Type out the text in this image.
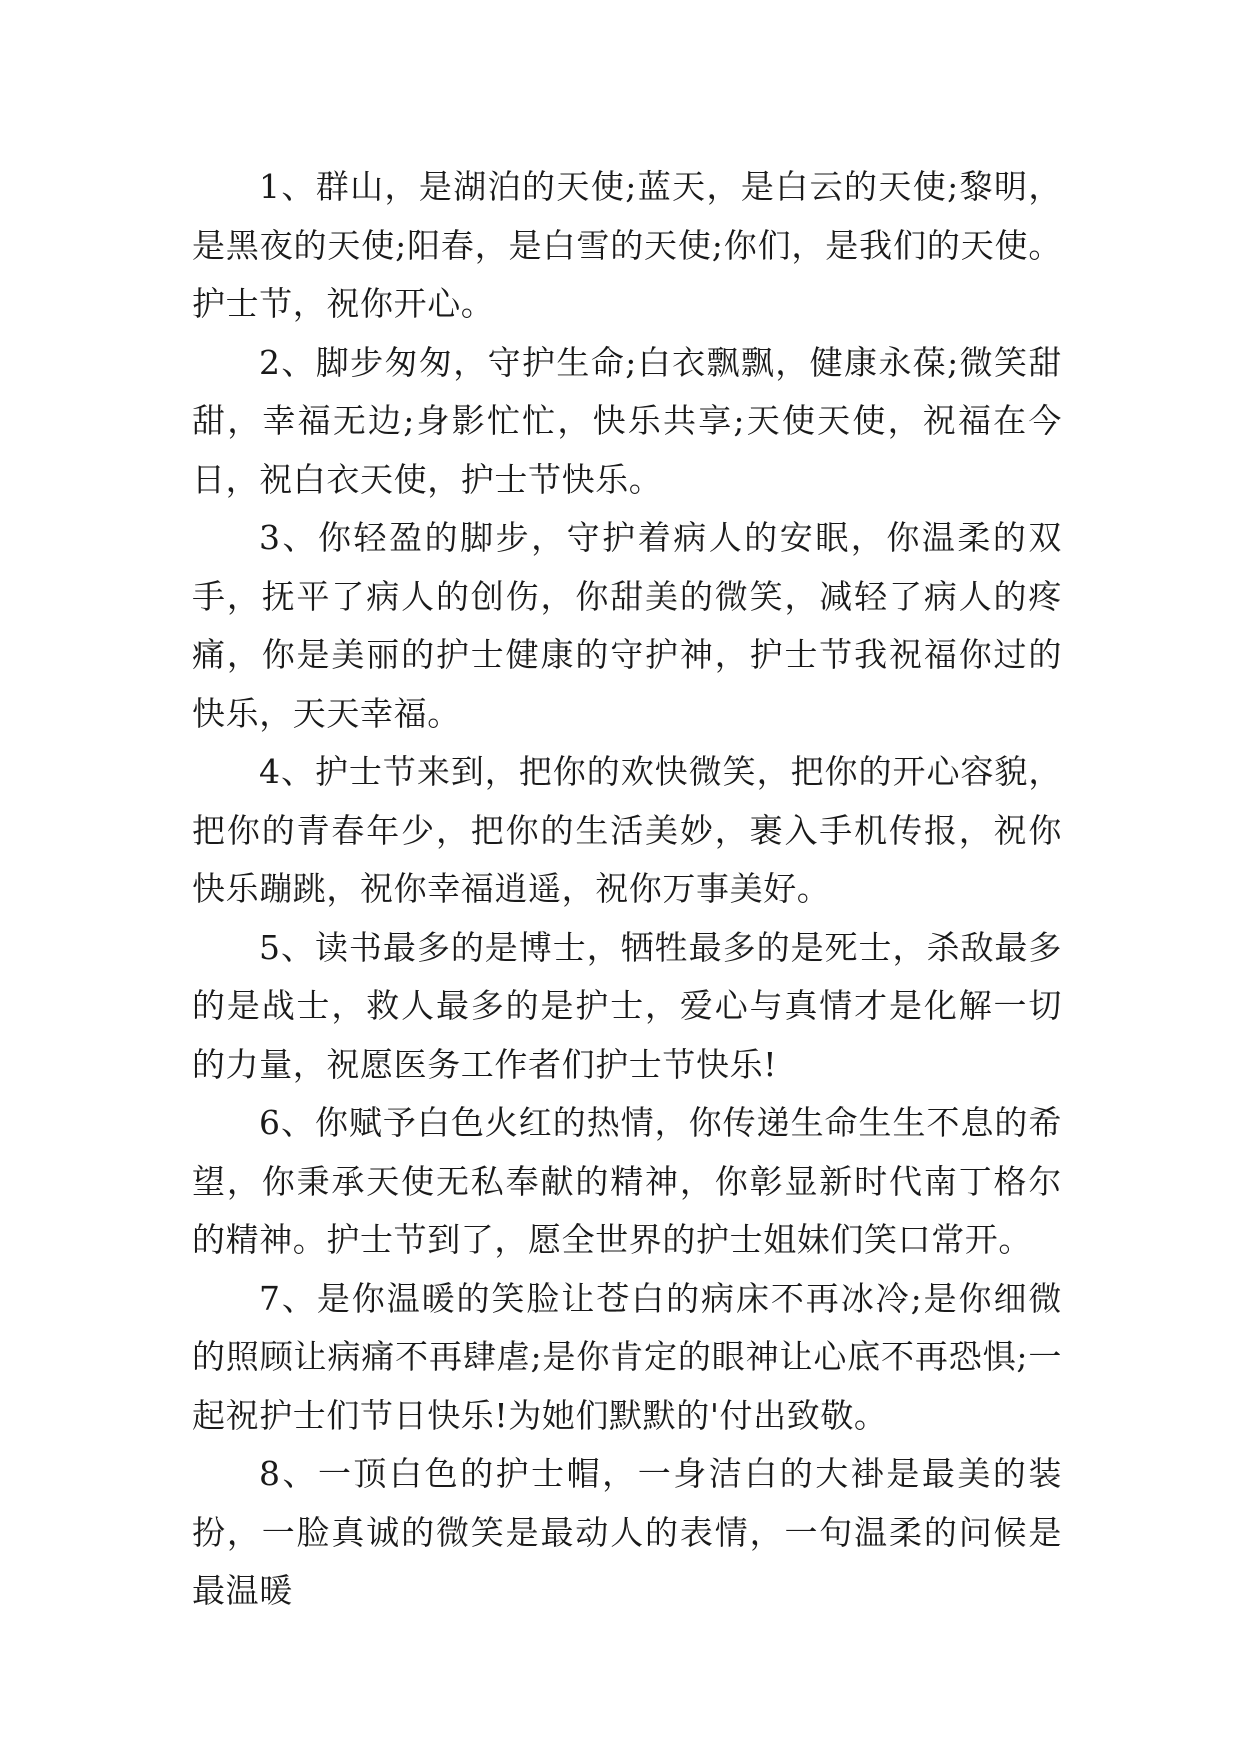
1、群山，是湖泊的天使;蓝天，是白云的天使;黎明，是黑夜的天使;阳春，是白雪的天使;你们，是我们的天使。护士节，祝你开心。

2、脚步匆匆，守护生命;白衣飘飘，健康永葆;微笑甜甜，幸福无边;身影忙忙，快乐共享;天使天使，祝福在今日，祝白衣天使，护士节快乐。

3、你轻盈的脚步，守护着病人的安眠，你温柔的双手，抚平了病人的创伤，你甜美的微笑，减轻了病人的疼痛，你是美丽的护士健康的守护神，护士节我祝福你过的快乐，天天幸福。

4、护士节来到，把你的欢快微笑，把你的开心容貌，把你的青春年少，把你的生活美妙，裹入手机传报，祝你快乐蹦跳，祝你幸福逍遥，祝你万事美好。

5、读书最多的是博士，牺牲最多的是死士，杀敌最多的是战士，救人最多的是护士，爱心与真情才是化解一切的力量，祝愿医务工作者们护士节快乐!

6、你赋予白色火红的热情，你传递生命生生不息的希望，你秉承天使无私奉献的精神，你彰显新时代南丁格尔的精神。护士节到了，愿全世界的护士姐妹们笑口常开。

7、是你温暖的笑脸让苍白的病床不再冰冷;是你细微的照顾让病痛不再肆虐;是你肯定的眼神让心底不再恐惧;一起祝护士们节日快乐!为她们默默的'付出致敬。

8、一顶白色的护士帽，一身洁白的大褂是最美的装扮，一脸真诚的微笑是最动人的表情，一句温柔的问候是最温暖
